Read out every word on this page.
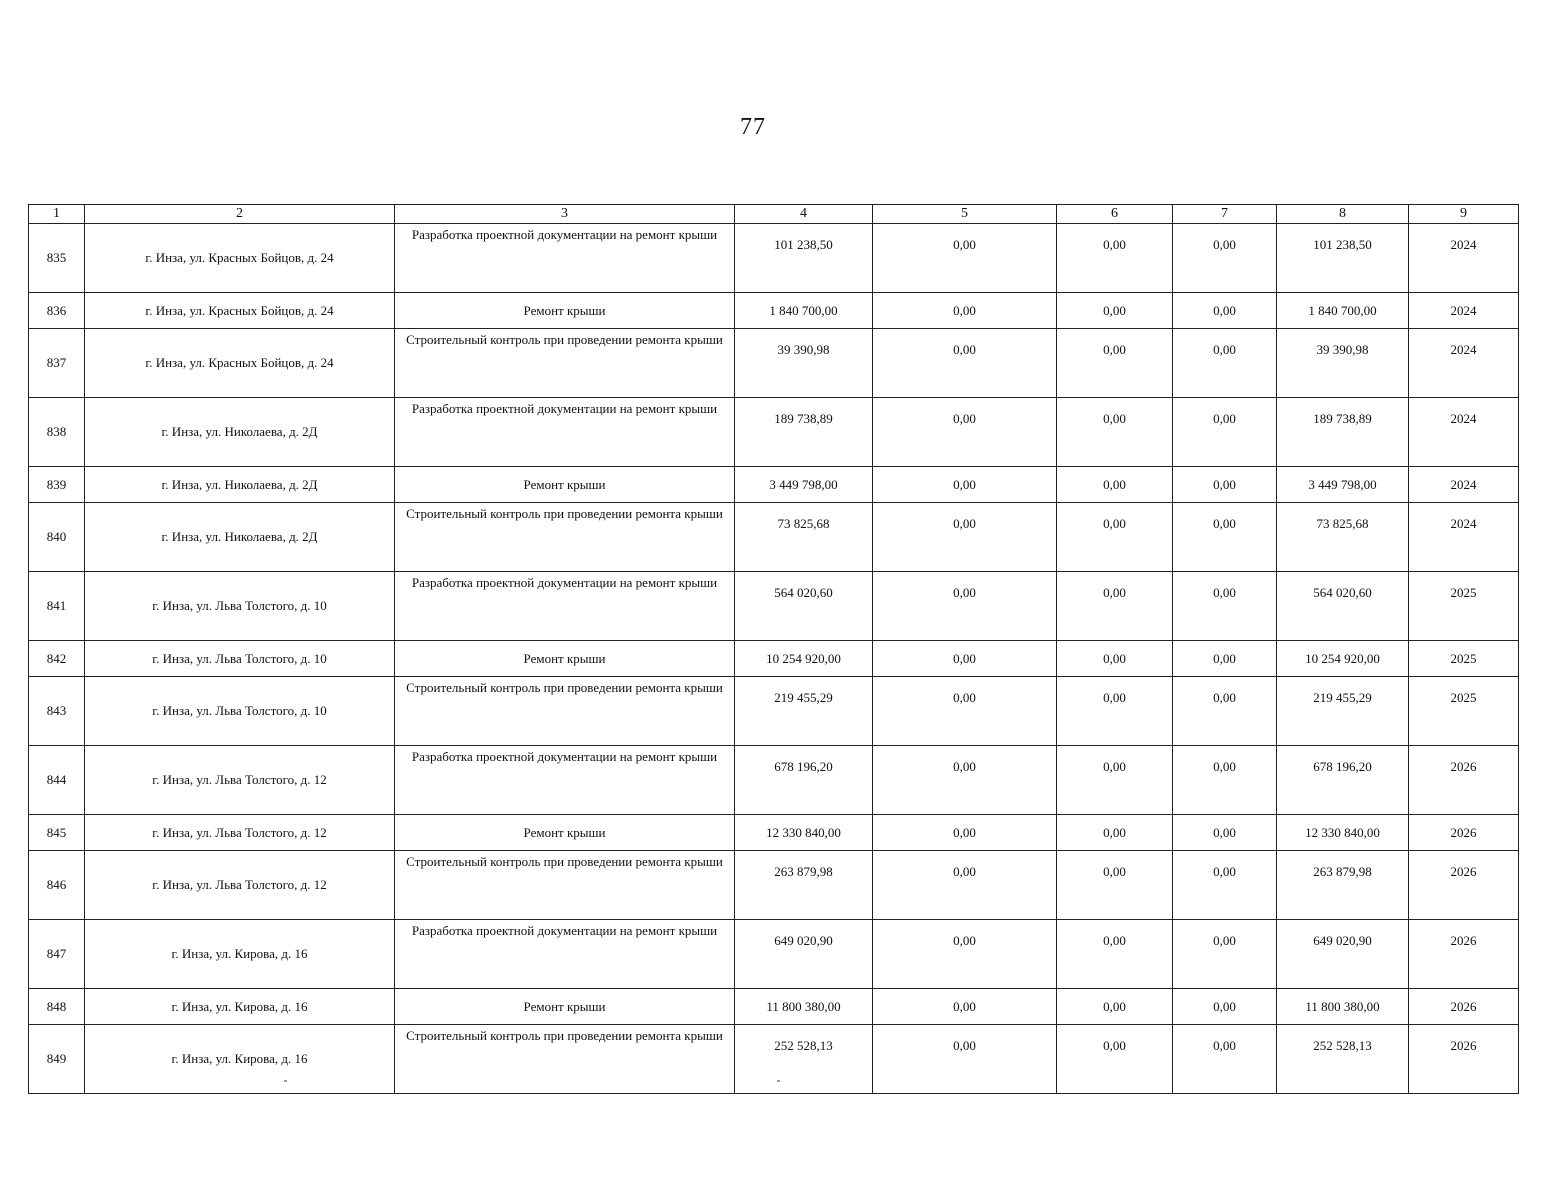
77
1	2	3	4	5	6	7	8	9
835	г. Инза, ул. Красных Бойцов, д. 24	Разработка проектной документации на ремонт крыши	101 238,50	0,00	0,00	0,00	101 238,50	2024
836	г. Инза, ул. Красных Бойцов, д. 24	Ремонт крыши	1 840 700,00	0,00	0,00	0,00	1 840 700,00	2024
837	г. Инза, ул. Красных Бойцов, д. 24	Строительный контроль при проведении ремонта крыши	39 390,98	0,00	0,00	0,00	39 390,98	2024
838	г. Инза, ул. Николаева, д. 2Д	Разработка проектной документации на ремонт крыши	189 738,89	0,00	0,00	0,00	189 738,89	2024
839	г. Инза, ул. Николаева, д. 2Д	Ремонт крыши	3 449 798,00	0,00	0,00	0,00	3 449 798,00	2024
840	г. Инза, ул. Николаева, д. 2Д	Строительный контроль при проведении ремонта крыши	73 825,68	0,00	0,00	0,00	73 825,68	2024
841	г. Инза, ул. Льва Толстого, д. 10	Разработка проектной документации на ремонт крыши	564 020,60	0,00	0,00	0,00	564 020,60	2025
842	г. Инза, ул. Льва Толстого, д. 10	Ремонт крыши	10 254 920,00	0,00	0,00	0,00	10 254 920,00	2025
843	г. Инза, ул. Льва Толстого, д. 10	Строительный контроль при проведении ремонта крыши	219 455,29	0,00	0,00	0,00	219 455,29	2025
844	г. Инза, ул. Льва Толстого, д. 12	Разработка проектной документации на ремонт крыши	678 196,20	0,00	0,00	0,00	678 196,20	2026
845	г. Инза, ул. Льва Толстого, д. 12	Ремонт крыши	12 330 840,00	0,00	0,00	0,00	12 330 840,00	2026
846	г. Инза, ул. Льва Толстого, д. 12	Строительный контроль при проведении ремонта крыши	263 879,98	0,00	0,00	0,00	263 879,98	2026
847	г. Инза, ул. Кирова, д. 16	Разработка проектной документации на ремонт крыши	649 020,90	0,00	0,00	0,00	649 020,90	2026
848	г. Инза, ул. Кирова, д. 16	Ремонт крыши	11 800 380,00	0,00	0,00	0,00	11 800 380,00	2026
849	г. Инза, ул. Кирова, д. 16	Строительный контроль при проведении ремонта крыши	252 528,13	0,00	0,00	0,00	252 528,13	2026
